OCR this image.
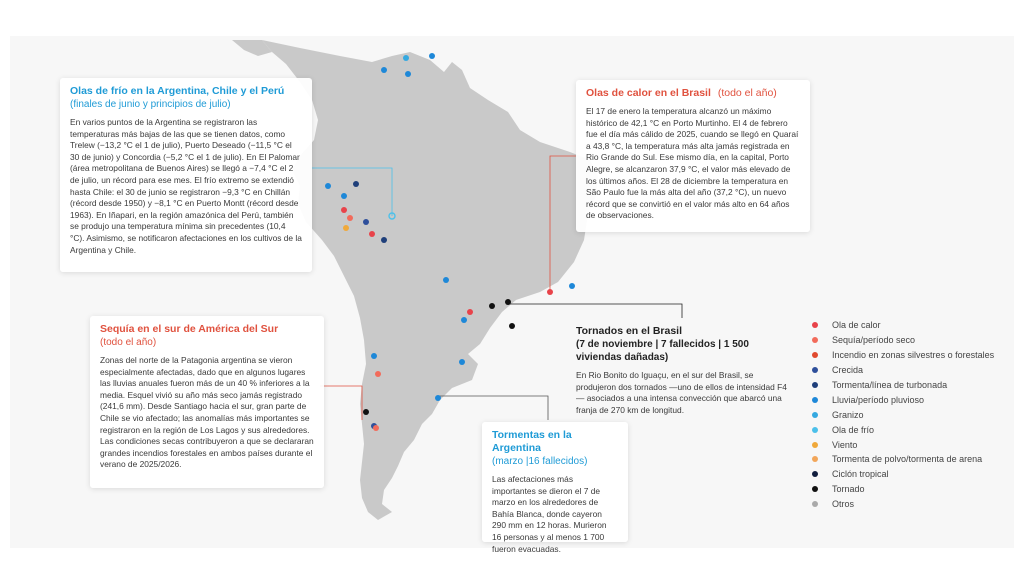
Olas de frío en la Argentina, Chile y el Perú
(finales de junio y principios de julio)
En varios puntos de la Argentina se registraron las temperaturas más bajas de las que se tienen datos, como Trelew (−13,2 °C el 1 de julio), Puerto Deseado (−11,5 °C el 30 de junio) y Concordia (−5,2 °C el 1 de julio). En El Palomar (área metropolitana de Buenos Aires) se llegó a −7,4 °C el 2 de julio, un récord para ese mes. El frío extremo se extendió hasta Chile: el 30 de junio se registraron −9,3 °C en Chillán (récord desde 1950) y −8,1 °C en Puerto Montt (récord desde 1963). En Iñapari, en la región amazónica del Perú, también se produjo una temperatura mínima sin precedentes (10,4 °C). Asimismo, se notificaron afectaciones en los cultivos de la Argentina y Chile.
Olas de calor en el Brasil (todo el año)
El 17 de enero la temperatura alcanzó un máximo histórico de 42,1 °C en Porto Murtinho. El 4 de febrero fue el día más cálido de 2025, cuando se llegó en Quaraí a 43,8 °C, la temperatura más alta jamás registrada en Rio Grande do Sul. Ese mismo día, en la capital, Porto Alegre, se alcanzaron 37,9 °C, el valor más elevado de los últimos años. El 28 de diciembre la temperatura en São Paulo fue la más alta del año (37,2 °C), un nuevo récord que se convirtió en el valor más alto en 64 años de observaciones.
Sequía en el sur de América del Sur
(todo el año)
Zonas del norte de la Patagonia argentina se vieron especialmente afectadas, dado que en algunos lugares las lluvias anuales fueron más de un 40 % inferiores a la media. Esquel vivió su año más seco jamás registrado (241,6 mm). Desde Santiago hacia el sur, gran parte de Chile se vio afectado; las anomalías más importantes se registraron en la región de Los Lagos y sus alrededores. Las condiciones secas contribuyeron a que se declararan grandes incendios forestales en ambos países durante el verano de 2025/2026.
Tornados en el Brasil
(7 de noviembre | 7 fallecidos | 1 500 viviendas dañadas)
En Rio Bonito do Iguaçu, en el sur del Brasil, se produjeron dos tornados —uno de ellos de intensidad F4— asociados a una intensa convección que abarcó una franja de 270 km de longitud.
Tormentas en la Argentina
(marzo |16 fallecidos)
Las afectaciones más importantes se dieron el 7 de marzo en los alrededores de Bahía Blanca, donde cayeron 290 mm en 12 horas. Murieron 16 personas y al menos 1 700 fueron evacuadas.
Ola de calor
Sequía/período seco
Incendio en zonas silvestres o forestales
Crecida
Tormenta/línea de turbonada
Lluvia/período pluvioso
Granizo
Ola de frío
Viento
Tormenta de polvo/tormenta de arena
Ciclón tropical
Tornado
Otros
